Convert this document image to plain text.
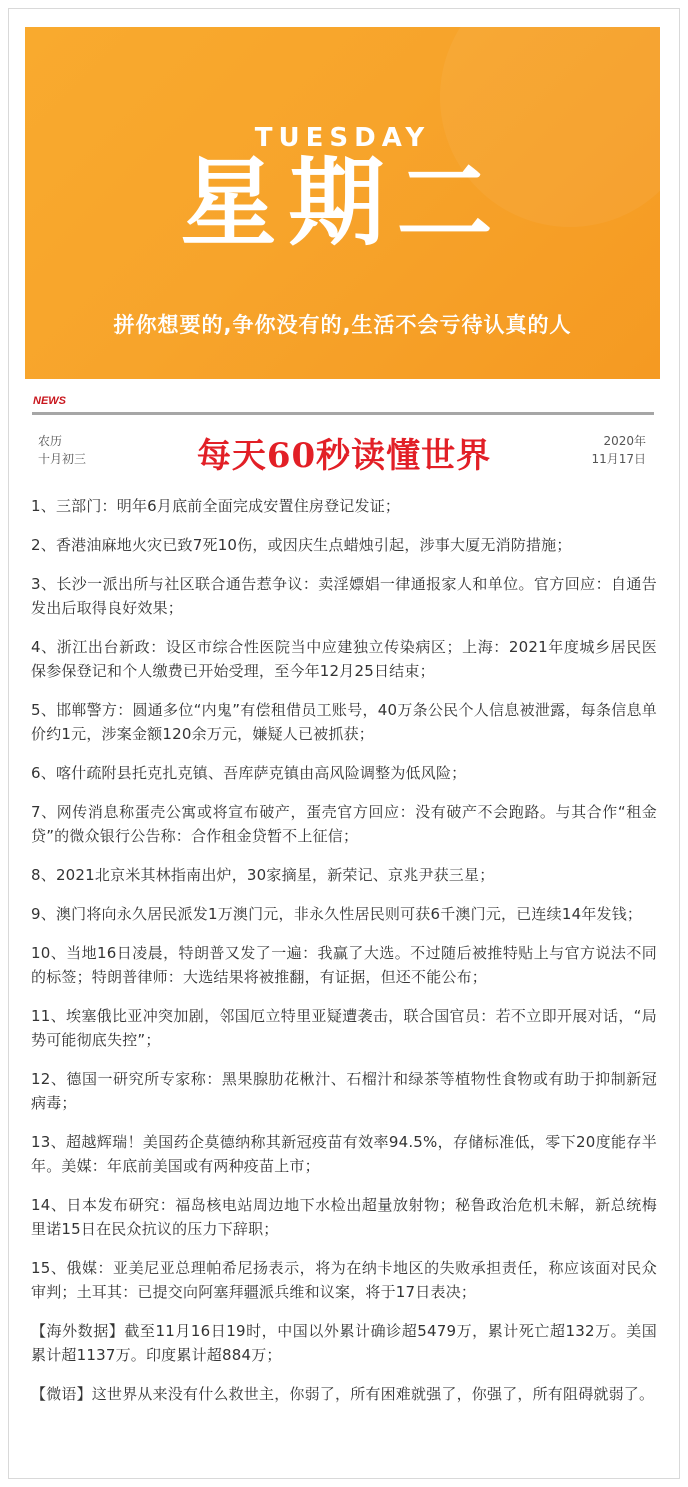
TUESDAY
星期二
拼你想要的,争你没有的,生活不会亏待认真的人
NEWS
农历
十月初三	每天60秒读懂世界	2020年
11月17日
1、三部门：明年6月底前全面完成安置住房登记发证；
2、香港油麻地火灾已致7死10伤，或因庆生点蜡烛引起，涉事大厦无消防措施；
3、长沙一派出所与社区联合通告惹争议：卖淫嫖娼一律通报家人和单位。官方回应：自通告发出后取得良好效果；
4、浙江出台新政：设区市综合性医院当中应建独立传染病区；上海：2021年度城乡居民医保参保登记和个人缴费已开始受理，至今年12月25日结束；
5、邯郸警方：圆通多位“内鬼”有偿租借员工账号，40万条公民个人信息被泄露，每条信息单价约1元，涉案金额120余万元，嫌疑人已被抓获；
6、喀什疏附县托克扎克镇、吾库萨克镇由高风险调整为低风险；
7、网传消息称蛋壳公寓或将宣布破产，蛋壳官方回应：没有破产不会跑路。与其合作“租金贷”的微众银行公告称：合作租金贷暂不上征信；
8、2021北京米其林指南出炉，30家摘星，新荣记、京兆尹获三星；
9、澳门将向永久居民派发1万澳门元，非永久性居民则可获6千澳门元，已连续14年发钱；
10、当地16日凌晨，特朗普又发了一遍：我赢了大选。不过随后被推特贴上与官方说法不同的标签；特朗普律师：大选结果将被推翻，有证据，但还不能公布；
11、埃塞俄比亚冲突加剧，邻国厄立特里亚疑遭袭击，联合国官员：若不立即开展对话，“局势可能彻底失控”；
12、德国一研究所专家称：黑果腺肋花楸汁、石榴汁和绿茶等植物性食物或有助于抑制新冠病毒；
13、超越辉瑞！美国药企莫德纳称其新冠疫苗有效率94.5%，存储标准低，零下20度能存半年。美媒：年底前美国或有两种疫苗上市；
14、日本发布研究：福岛核电站周边地下水检出超量放射物；秘鲁政治危机未解，新总统梅里诺15日在民众抗议的压力下辞职；
15、俄媒：亚美尼亚总理帕希尼扬表示，将为在纳卡地区的失败承担责任，称应该面对民众审判；土耳其：已提交向阿塞拜疆派兵维和议案，将于17日表决；
【海外数据】截至11月16日19时，中国以外累计确诊超5479万，累计死亡超132万。美国累计超1137万。印度累计超884万；
【微语】这世界从来没有什么救世主，你弱了，所有困难就强了，你强了，所有阻碍就弱了。
